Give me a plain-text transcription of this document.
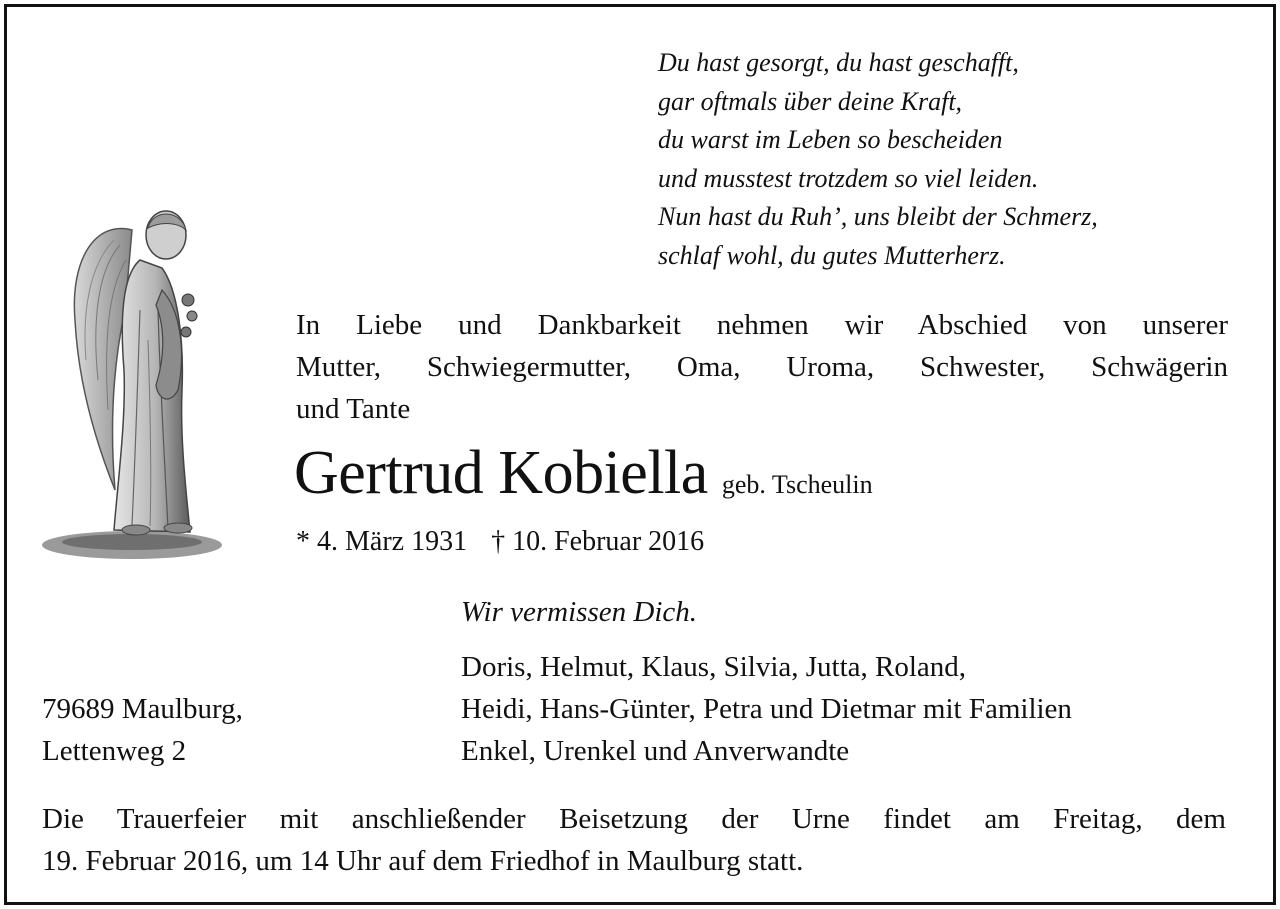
Du hast gesorgt, du hast geschafft,
gar oftmals über deine Kraft,
du warst im Leben so bescheiden
und musstest trotzdem so viel leiden.
Nun hast du Ruh’, uns bleibt der Schmerz,
schlaf wohl, du gutes Mutterherz.
In Liebe und Dankbarkeit nehmen wir Abschied von unserer
Mutter, Schwiegermutter, Oma, Uroma, Schwester, Schwägerin
und Tante
Gertrud Kobiella geb. Tscheulin
* 4. März 1931 † 10. Februar 2016
Wir vermissen Dich.
Doris, Helmut, Klaus, Silvia, Jutta, Roland,
Heidi, Hans-Günter, Petra und Dietmar mit Familien
Enkel, Urenkel und Anverwandte
79689 Maulburg,
Lettenweg 2
Die Trauerfeier mit anschließender Beisetzung der Urne findet am Freitag, dem
19. Februar 2016, um 14 Uhr auf dem Friedhof in Maulburg statt.
